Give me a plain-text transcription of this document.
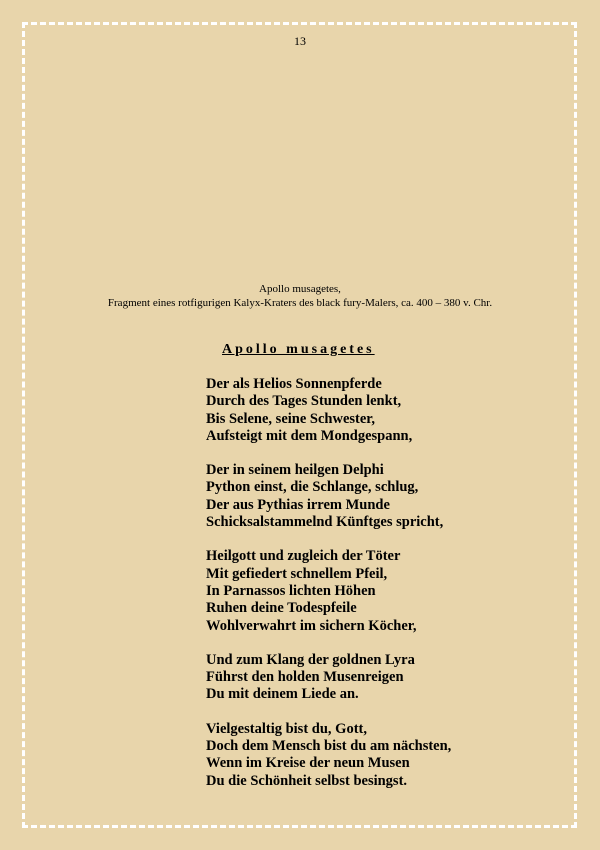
13
Apollo musagetes,
Fragment eines rotfigurigen Kalyx-Kraters des black fury-Malers, ca. 400 – 380 v. Chr.
Apollo musagetes
Der als Helios Sonnenpferde
Durch des Tages Stunden lenkt,
Bis Selene, seine Schwester,
Aufsteigt mit dem Mondgespann,
Der in seinem heilgen Delphi
Python einst, die Schlange, schlug,
Der aus Pythias irrem Munde
Schicksalstammelnd Künftges spricht,
Heilgott und zugleich der Töter
Mit gefiedert schnellem Pfeil,
In Parnassos lichten Höhen
Ruhen deine Todespfeile
Wohlverwahrt im sichern Köcher,
Und zum Klang der goldnen Lyra
Führst den holden Musenreigen
Du mit deinem Liede an.
Vielgestaltig bist du, Gott,
Doch dem Mensch bist du am nächsten,
Wenn im Kreise der neun Musen
Du die Schönheit selbst besingst.
